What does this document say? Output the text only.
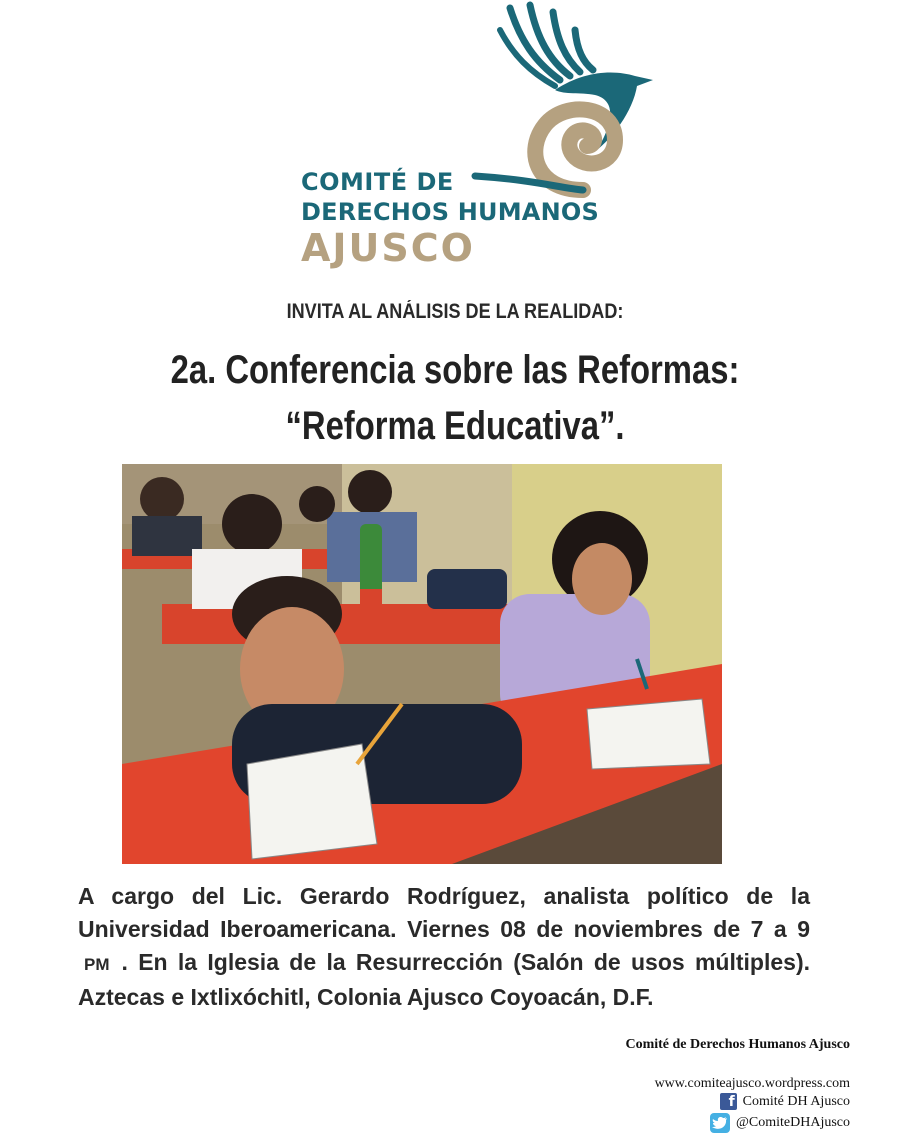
COMITÉ DE

DERECHOS HUMANOS

AJUSCO

INVITA AL ANÁLISIS DE LA REALIDAD:

2a. Conferencia sobre las Reformas:

“Reforma Educativa”.

A cargo del Lic. Gerardo Rodríguez, analista político de la Universidad Iberoamericana. Viernes 08 de noviembres de 7 a 9 PM . En la Iglesia de la Resurrección (Salón de usos múltiples). Aztecas e Ixtlixóchitl, Colonia Ajusco Coyoacán, D.F.

Comité de Derechos Humanos Ajusco

www.comiteajusco.wordpress.com

f Comité DH Ajusco
@ComiteDHAjusco
